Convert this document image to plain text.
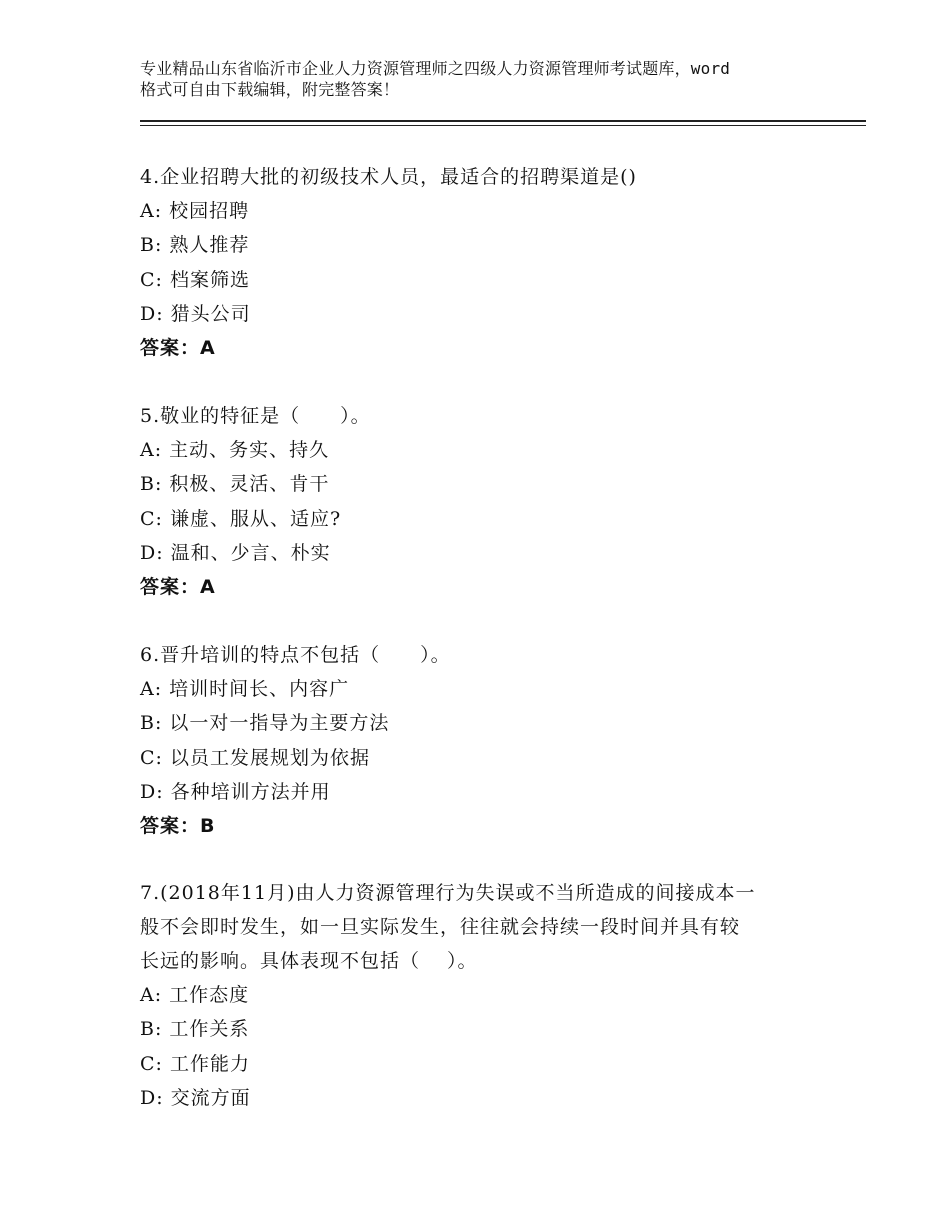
专业精品山东省临沂市企业人力资源管理师之四级人力资源管理师考试题库，word
格式可自由下载编辑，附完整答案！

4.企业招聘大批的初级技术人员，最适合的招聘渠道是()

A: 校园招聘

B: 熟人推荐

C: 档案筛选

D: 猎头公司

答案：A

5.敬业的特征是（　　）。

A: 主动、务实、持久

B: 积极、灵活、肯干

C: 谦虚、服从、适应?

D: 温和、少言、朴实

答案：A

6.晋升培训的特点不包括（　　）。

A: 培训时间长、内容广

B: 以一对一指导为主要方法

C: 以员工发展规划为依据

D: 各种培训方法并用

答案：B

7.(2018年11月)由人力资源管理行为失误或不当所造成的间接成本一

般不会即时发生，如一旦实际发生，往往就会持续一段时间并具有较

长远的影响。具体表现不包括（　 ）。

A: 工作态度

B: 工作关系

C: 工作能力

D: 交流方面
